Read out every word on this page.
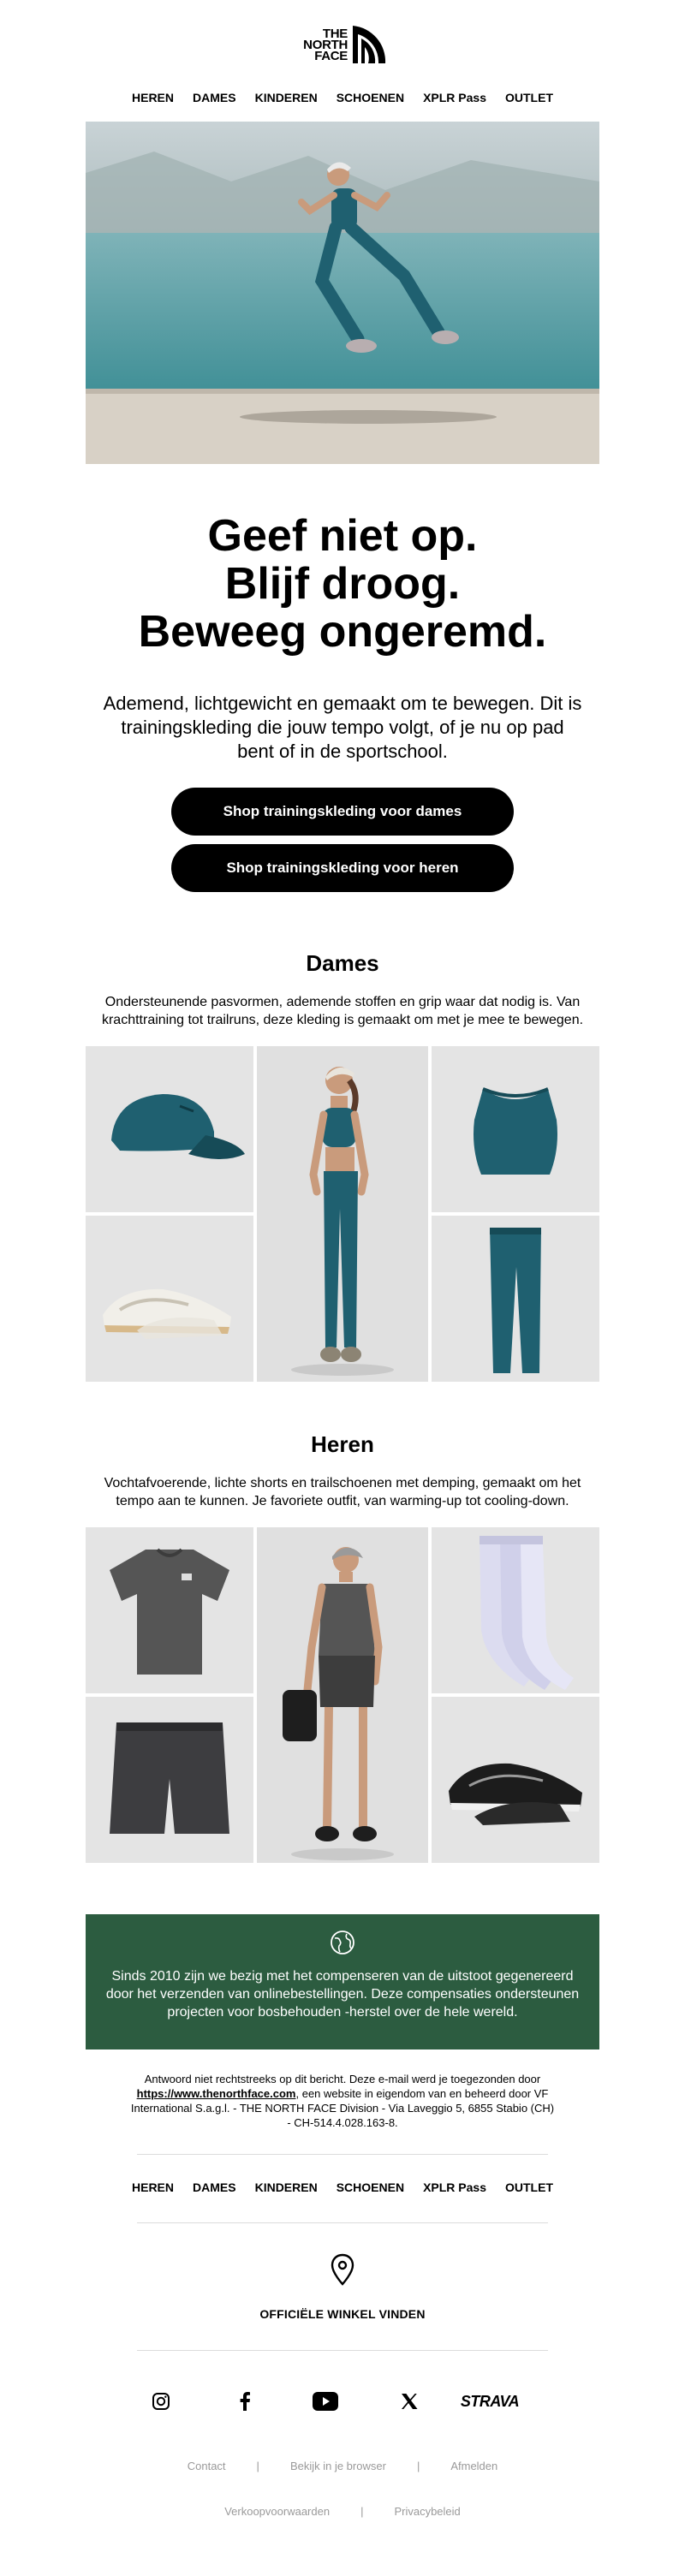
THE
NORTH
FACE
HEREN DAMES KINDEREN SCHOENEN XPLR Pass OUTLET
Geef niet op.
Blijf droog.
Beweeg ongeremd.
Ademend, lichtgewicht en gemaakt om te bewegen. Dit is trainingskleding die jouw tempo volgt, of je nu op pad bent of in de sportschool.
Shop trainingskleding voor dames
Shop trainingskleding voor heren
Dames
Ondersteunende pasvormen, ademende stoffen en grip waar dat nodig is. Van krachttraining tot trailruns, deze kleding is gemaakt om met je mee te bewegen.
Heren
Vochtafvoerende, lichte shorts en trailschoenen met demping, gemaakt om het tempo aan te kunnen. Je favoriete outfit, van warming-up tot cooling-down.
Sinds 2010 zijn we bezig met het compenseren van de uitstoot gegenereerd door het verzenden van onlinebestellingen. Deze compensaties ondersteunen projecten voor bosbehouden -herstel over de hele wereld.
Antwoord niet rechtstreeks op dit bericht. Deze e-mail werd je toegezonden door https://www.thenorthface.com, een website in eigendom van en beheerd door VF International S.a.g.l. - THE NORTH FACE Division - Via Laveggio 5, 6855 Stabio (CH) - CH-514.4.028.163-8.
HEREN DAMES KINDEREN SCHOENEN XPLR Pass OUTLET
OFFICIËLE WINKEL VINDEN
STRAVA
Contact	|	Bekijk in je browser	|	Afmelden
Verkoopvoorwaarden	|	Privacybeleid
